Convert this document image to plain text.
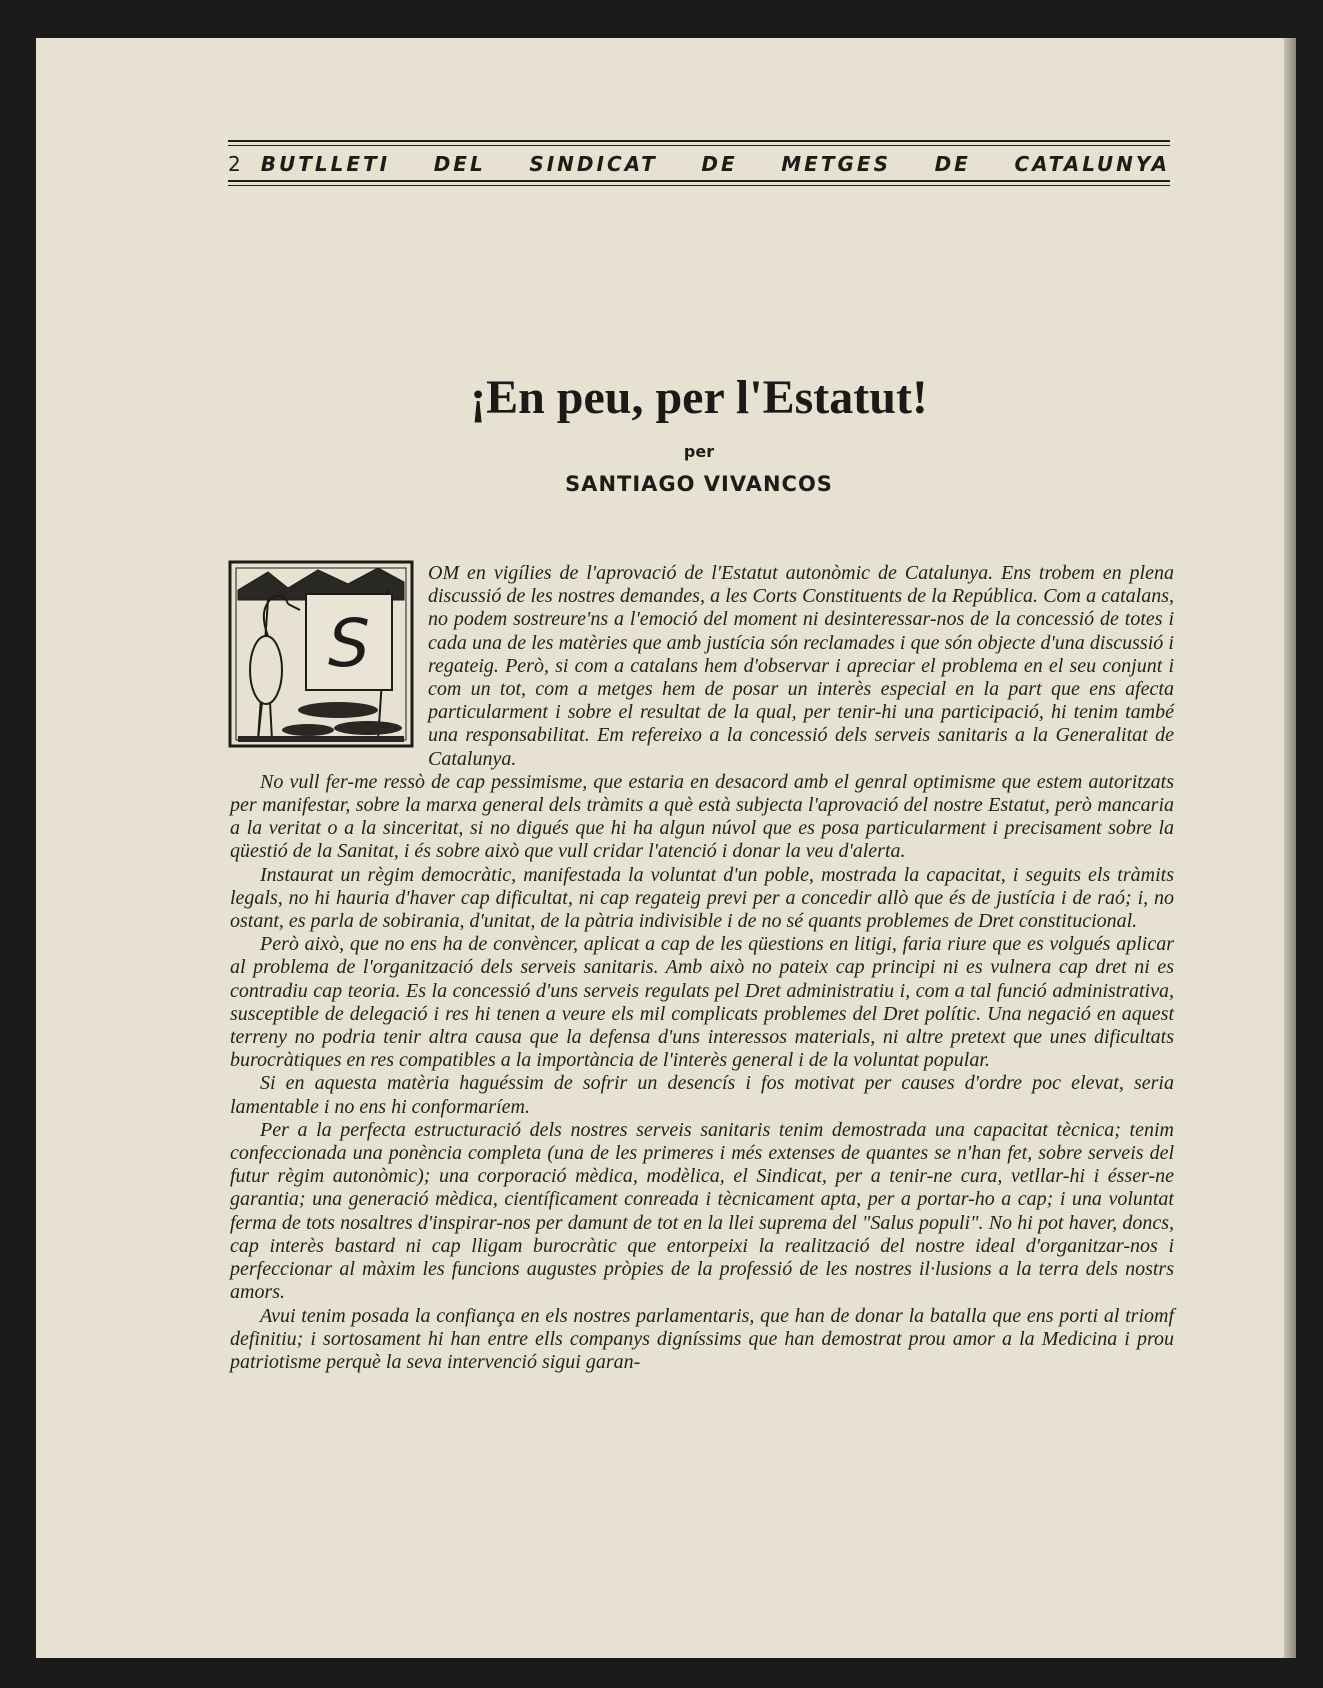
2 BUTLLETI DEL SINDICAT DE METGES DE CATALUNYA
¡En peu, per l'Estatut!
per
SANTIAGO VIVANCOS
S

OM en vigílies de l'aprovació de l'Estatut autonòmic de Catalunya. Ens trobem en plena discussió de les nostres demandes, a les Corts Constituents de la República. Com a catalans, no podem sostreure'ns a l'emoció del moment ni desinteressar-nos de la concessió de totes i cada una de les matèries que amb justícia són reclamades i que són objecte d'una discussió i regateig. Però, si com a catalans hem d'observar i apreciar el problema en el seu conjunt i com un tot, com a metges hem de posar un interès especial en la part que ens afecta particularment i sobre el resultat de la qual, per tenir-hi una participació, hi tenim també una responsabilitat. Em refereixo a la concessió dels serveis sanitaris a la Generalitat de Catalunya.

No vull fer-me ressò de cap pessimisme, que estaria en desacord amb el genral optimisme que estem autoritzats per manifestar, sobre la marxa general dels tràmits a què està subjecta l'aprovació del nostre Estatut, però mancaria a la veritat o a la sinceritat, si no digués que hi ha algun núvol que es posa particularment i precisament sobre la qüestió de la Sanitat, i és sobre això que vull cridar l'atenció i donar la veu d'alerta.

Instaurat un règim democràtic, manifestada la voluntat d'un poble, mostrada la capacitat, i seguits els tràmits legals, no hi hauria d'haver cap dificultat, ni cap regateig previ per a concedir allò que és de justícia i de raó; i, no ostant, es parla de sobirania, d'unitat, de la pàtria indivisible i de no sé quants problemes de Dret constitucional.

Però això, que no ens ha de convèncer, aplicat a cap de les qüestions en litigi, faria riure que es volgués aplicar al problema de l'organització dels serveis sanitaris. Amb això no pateix cap principi ni es vulnera cap dret ni es contradiu cap teoria. Es la concessió d'uns serveis regulats pel Dret administratiu i, com a tal funció administrativa, susceptible de delegació i res hi tenen a veure els mil complicats problemes del Dret polític. Una negació en aquest terreny no podria tenir altra causa que la defensa d'uns interessos materials, ni altre pretext que unes dificultats burocràtiques en res compatibles a la importància de l'interès general i de la voluntat popular.

Si en aquesta matèria haguéssim de sofrir un desencís i fos motivat per causes d'ordre poc elevat, seria lamentable i no ens hi conformaríem.

Per a la perfecta estructuració dels nostres serveis sanitaris tenim demostrada una capacitat tècnica; tenim confeccionada una ponència completa (una de les primeres i més extenses de quantes se n'han fet, sobre serveis del futur règim autonòmic); una corporació mèdica, modèlica, el Sindicat, per a tenir-ne cura, vetllar-hi i ésser-ne garantia; una generació mèdica, científicament conreada i tècnicament apta, per a portar-ho a cap; i una voluntat ferma de tots nosaltres d'inspirar-nos per damunt de tot en la llei suprema del "Salus populi". No hi pot haver, doncs, cap interès bastard ni cap lligam burocràtic que entorpeixi la realització del nostre ideal d'organitzar-nos i perfeccionar al màxim les funcions augustes pròpies de la professió de les nostres il·lusions a la terra dels nostrs amors.

Avui tenim posada la confiança en els nostres parlamentaris, que han de donar la batalla que ens porti al triomf definitiu; i sortosament hi han entre ells companys digníssims que han demostrat prou amor a la Medicina i prou patriotisme perquè la seva intervenció sigui garan-
